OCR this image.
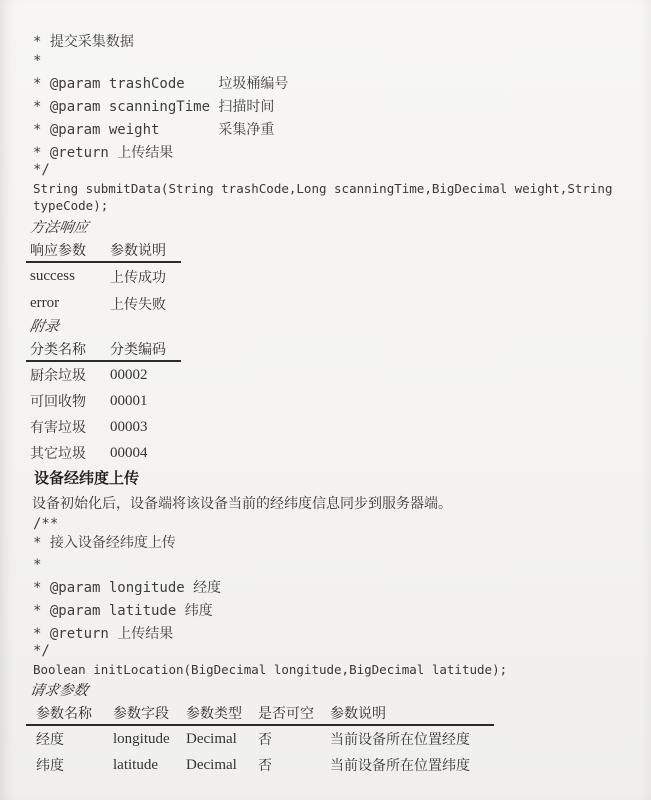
* 提交采集数据
*
* @param trashCode    垃圾桶编号
* @param scanningTime 扫描时间
* @param weight       采集净重
* @return 上传结果
*/
String submitData(String trashCode,Long scanningTime,BigDecimal weight,String
typeCode);
方法响应
响应参数	参数说明
success	上传成功
error	上传失败
附录
分类名称	分类编码
厨余垃圾	00002
可回收物	00001
有害垃圾	00003
其它垃圾	00004
设备经纬度上传
设备初始化后，设备端将该设备当前的经纬度信息同步到服务器端。
/**
* 接入设备经纬度上传
*
* @param longitude 经度
* @param latitude 纬度
* @return 上传结果
*/
Boolean initLocation(BigDecimal longitude,BigDecimal latitude);
请求参数
参数名称	参数字段	参数类型	是否可空	参数说明
经度	longitude	Decimal	否	当前设备所在位置经度
纬度	latitude	Decimal	否	当前设备所在位置纬度
